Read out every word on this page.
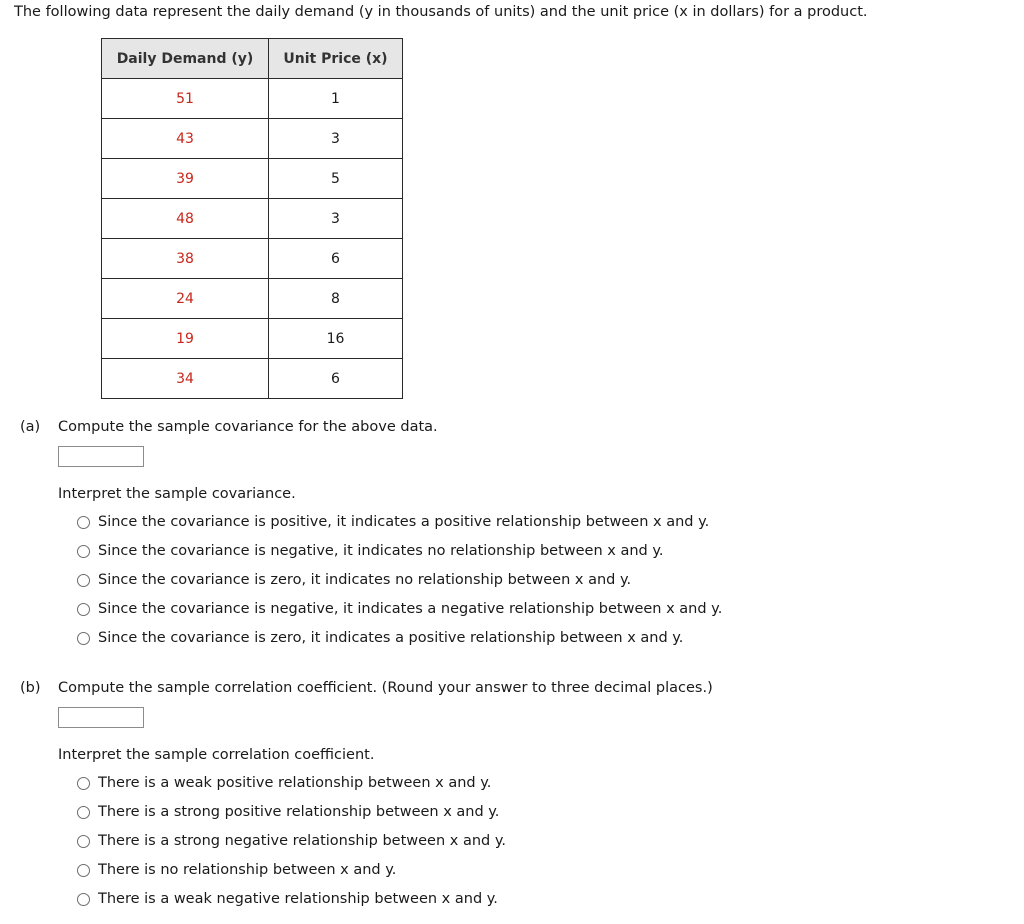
The following data represent the daily demand (y in thousands of units) and the unit price (x in dollars) for a product.
Daily Demand (y)	Unit Price (x)
51	1
43	3
39	5
48	3
38	6
24	8
19	16
34	6
(a) Compute the sample covariance for the above data.
Interpret the sample covariance.
Since the covariance is positive, it indicates a positive relationship between x and y.
Since the covariance is negative, it indicates no relationship between x and y.
Since the covariance is zero, it indicates no relationship between x and y.
Since the covariance is negative, it indicates a negative relationship between x and y.
Since the covariance is zero, it indicates a positive relationship between x and y.
(b) Compute the sample correlation coefficient. (Round your answer to three decimal places.)
Interpret the sample correlation coefficient.
There is a weak positive relationship between x and y.
There is a strong positive relationship between x and y.
There is a strong negative relationship between x and y.
There is no relationship between x and y.
There is a weak negative relationship between x and y.
